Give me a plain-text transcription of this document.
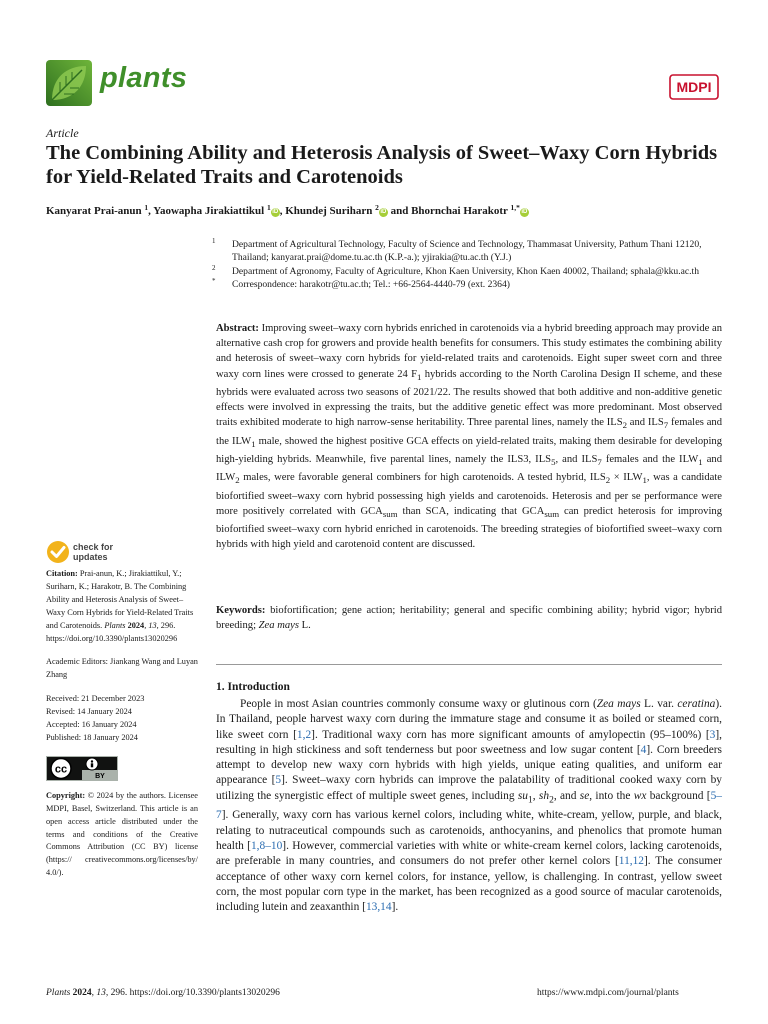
plants	MDPI
Article
The Combining Ability and Heterosis Analysis of Sweet–Waxy Corn Hybrids for Yield-Related Traits and Carotenoids
Kanyarat Prai-anun $^1$, Yaowapha Jirakiattikul $^1$ iD , Khundej Suriharn $^2$ iD and Bhornchai Harakotr $^{1,*}$ iD
1 Department of Agricultural Technology, Faculty of Science and Technology, Thammasat University, Pathum Thani 12120, Thailand; kanyarat.prai@dome.tu.ac.th (K.P.-a.); yjirakia@tu.ac.th (Y.J.)
2 Department of Agronomy, Faculty of Agriculture, Khon Kaen University, Khon Kaen 40002, Thailand; sphala@kku.ac.th
* Correspondence: harakotr@tu.ac.th; Tel.: +66-2564-4440-79 (ext. 2364)
Abstract: Improving sweet–waxy corn hybrids enriched in carotenoids via a hybrid breeding approach may provide an alternative cash crop for growers and provide health benefits for consumers. This study estimates the combining ability and heterosis of sweet–waxy corn hybrids for yield-related traits and carotenoids. Eight super sweet corn and three waxy corn lines were crossed to generate 24 $F_1$ hybrids according to the North Carolina Design II scheme, and these hybrids were evaluated across two seasons of 2021/22. The results showed that both additive and non-additive genetic effects were involved in expressing the traits, but the additive genetic effect was more predominant. Most observed traits exhibited moderate to high narrow-sense heritability. Three parental lines, namely the $ILS_2$ and $ILS_7$ females and the $ILW_1$ male, showed the highest positive GCA effects on yield-related traits, making them desirable for developing high-yielding hybrids. Meanwhile, five parental lines, namely the ILS3, $ILS_5$, and $ILS_7$ females and the $ILW_1$ and $ILW_2$ males, were favorable general combiners for high carotenoids. A tested hybrid, $ILS_2 \times ILW_1$, was a candidate biofortified sweet–waxy corn hybrid possessing high yields and carotenoids. Heterosis and per se performance were more positively correlated with $GCA_{sum}$ than SCA, indicating that $GCA_{sum}$ can predict heterosis for improving biofortified sweet–waxy corn hybrid enriched in carotenoids. The breeding strategies of biofortified sweet–waxy corn hybrids with high yield and carotenoid content are discussed.
Keywords: biofortification; gene action; heritability; general and specific combining ability; hybrid vigor; hybrid breeding; Zea mays L.
1. Introduction
People in most Asian countries commonly consume waxy or glutinous corn (Zea mays L. var. ceratina). In Thailand, people harvest waxy corn during the immature stage and consume it as boiled or steamed corn, like sweet corn [1,2]. Traditional waxy corn has more significant amounts of amylopectin (95–100%) [3], resulting in high stickiness and soft tenderness but poor sweetness and low sugar content [4]. Corn breeders attempt to develop new waxy corn hybrids with high yields, unique eating qualities, and uniform ear appearance [5]. Sweet–waxy corn hybrids can improve the palatability of traditional cooked waxy corn by utilizing the synergistic effect of multiple sweet genes, including $su_1$, $sh_2$, and se, into the wx background [5–7]. Generally, waxy corn has various kernel colors, including white, white-cream, yellow, purple, and black, relating to nutraceutical compounds such as carotenoids, anthocyanins, and phenolics that promote human health [1,8–10]. However, commercial varieties with white or white-cream kernel colors, lacking carotenoids, are preferable in many countries, and consumers do not prefer other kernel colors [11,12]. The consumer acceptance of other waxy corn kernel colors, for instance, yellow, is challenging. In contrast, yellow sweet corn, the most popular corn type in the market, has been recognized as a good source of macular carotenoids, including lutein and zeaxanthin [13,14].
check for
updates

Citation: Prai-anun, K.; Jirakiattikul, Y.; Suriharn, K.; Harakotr, B. The Combining Ability and Heterosis Analysis of Sweet–Waxy Corn Hybrids for Yield-Related Traits and Carotenoids. Plants 2024, 13, 296. https://doi.org/10.3390/plants13020296

Academic Editors: Jiankang Wang and Luyan Zhang

Received: 21 December 2023

Revised: 14 January 2024

Accepted: 16 January 2024

Published: 18 January 2024

cc
BY

Copyright: © 2024 by the authors. Licensee MDPI, Basel, Switzerland. This article is an open access article distributed under the terms and conditions of the Creative Commons Attribution (CC BY) license (https:// creativecommons.org/licenses/by/ 4.0/).

Plants 2024, 13, 296. https://doi.org/10.3390/plants13020296	https://www.mdpi.com/journal/plants
